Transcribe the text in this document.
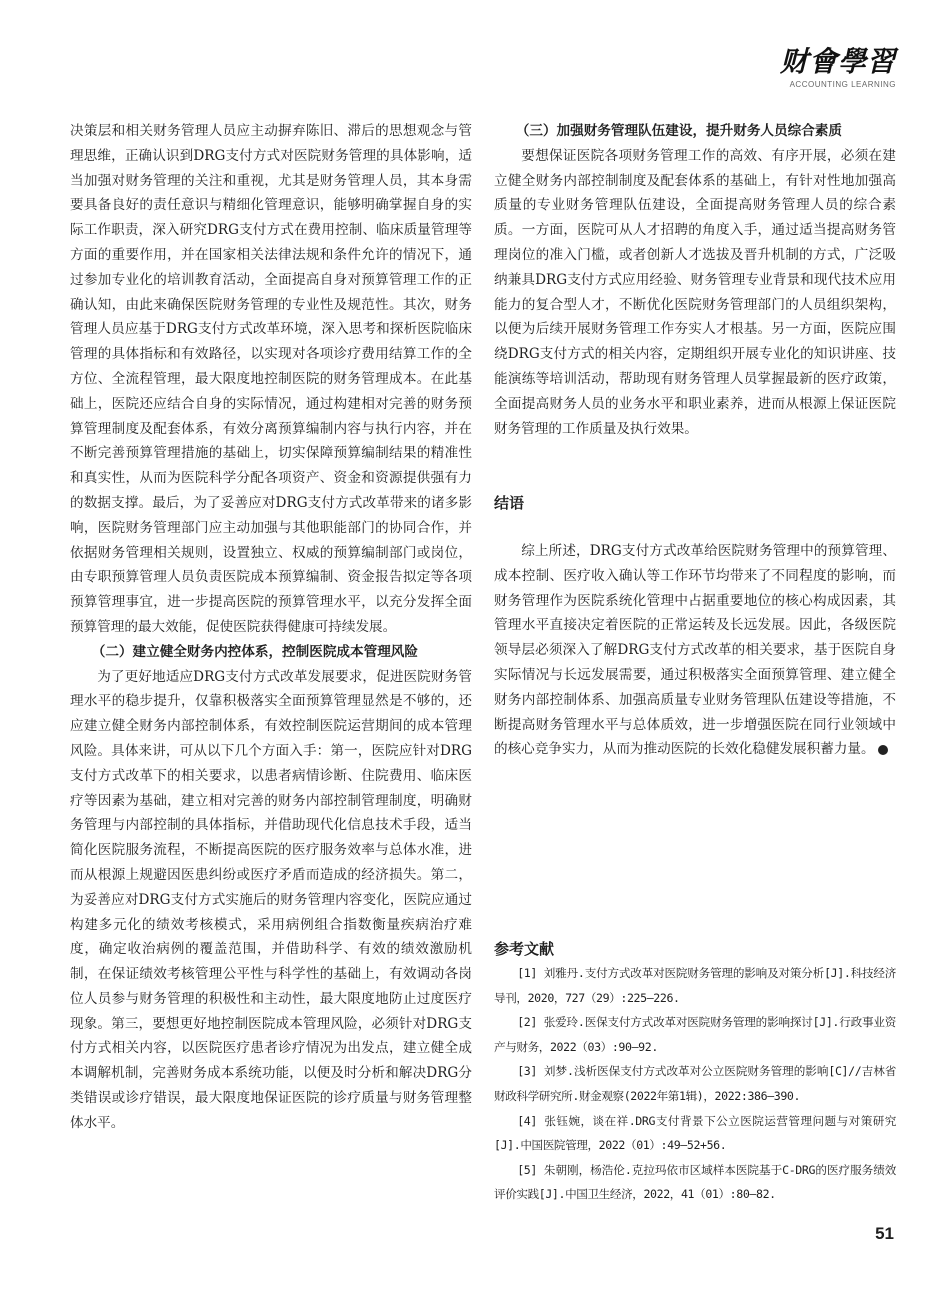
财會學習
ACCOUNTING LEARNING

决策层和相关财务管理人员应主动摒弃陈旧、滞后的思想观念与管理思维，正确认识到DRG支付方式对医院财务管理的具体影响，适当加强对财务管理的关注和重视，尤其是财务管理人员，其本身需要具备良好的责任意识与精细化管理意识，能够明确掌握自身的实际工作职责，深入研究DRG支付方式在费用控制、临床质量管理等方面的重要作用，并在国家相关法律法规和条件允许的情况下，通过参加专业化的培训教育活动，全面提高自身对预算管理工作的正确认知，由此来确保医院财务管理的专业性及规范性。其次，财务管理人员应基于DRG支付方式改革环境，深入思考和探析医院临床管理的具体指标和有效路径，以实现对各项诊疗费用结算工作的全方位、全流程管理，最大限度地控制医院的财务管理成本。在此基础上，医院还应结合自身的实际情况，通过构建相对完善的财务预算管理制度及配套体系，有效分离预算编制内容与执行内容，并在不断完善预算管理措施的基础上，切实保障预算编制结果的精准性和真实性，从而为医院科学分配各项资产、资金和资源提供强有力的数据支撑。最后，为了妥善应对DRG支付方式改革带来的诸多影响，医院财务管理部门应主动加强与其他职能部门的协同合作，并依据财务管理相关规则，设置独立、权威的预算编制部门或岗位，由专职预算管理人员负责医院成本预算编制、资金报告拟定等各项预算管理事宜，进一步提高医院的预算管理水平，以充分发挥全面预算管理的最大效能，促使医院获得健康可持续发展。

（二）建立健全财务内控体系，控制医院成本管理风险

为了更好地适应DRG支付方式改革发展要求，促进医院财务管理水平的稳步提升，仅靠积极落实全面预算管理显然是不够的，还应建立健全财务内部控制体系，有效控制医院运营期间的成本管理风险。具体来讲，可从以下几个方面入手：第一，医院应针对DRG支付方式改革下的相关要求，以患者病情诊断、住院费用、临床医疗等因素为基础，建立相对完善的财务内部控制管理制度，明确财务管理与内部控制的具体指标，并借助现代化信息技术手段，适当简化医院服务流程，不断提高医院的医疗服务效率与总体水准，进而从根源上规避因医患纠纷或医疗矛盾而造成的经济损失。第二，为妥善应对DRG支付方式实施后的财务管理内容变化，医院应通过构建多元化的绩效考核模式，采用病例组合指数衡量疾病治疗难度，确定收治病例的覆盖范围，并借助科学、有效的绩效激励机制，在保证绩效考核管理公平性与科学性的基础上，有效调动各岗位人员参与财务管理的积极性和主动性，最大限度地防止过度医疗现象。第三，要想更好地控制医院成本管理风险，必须针对DRG支付方式相关内容，以医院医疗患者诊疗情况为出发点，建立健全成本调解机制，完善财务成本系统功能，以便及时分析和解决DRG分类错误或诊疗错误，最大限度地保证医院的诊疗质量与财务管理整体水平。

（三）加强财务管理队伍建设，提升财务人员综合素质

要想保证医院各项财务管理工作的高效、有序开展，必须在建立健全财务内部控制制度及配套体系的基础上，有针对性地加强高质量的专业财务管理队伍建设，全面提高财务管理人员的综合素质。一方面，医院可从人才招聘的角度入手，通过适当提高财务管理岗位的准入门槛，或者创新人才选拔及晋升机制的方式，广泛吸纳兼具DRG支付方式应用经验、财务管理专业背景和现代技术应用能力的复合型人才，不断优化医院财务管理部门的人员组织架构，以便为后续开展财务管理工作夯实人才根基。另一方面，医院应围绕DRG支付方式的相关内容，定期组织开展专业化的知识讲座、技能演练等培训活动，帮助现有财务管理人员掌握最新的医疗政策，全面提高财务人员的业务水平和职业素养，进而从根源上保证医院财务管理的工作质量及执行效果。

结语

综上所述，DRG支付方式改革给医院财务管理中的预算管理、成本控制、医疗收入确认等工作环节均带来了不同程度的影响，而财务管理作为医院系统化管理中占据重要地位的核心构成因素，其管理水平直接决定着医院的正常运转及长远发展。因此，各级医院领导层必须深入了解DRG支付方式改革的相关要求，基于医院自身实际情况与长远发展需要，通过积极落实全面预算管理、建立健全财务内部控制体系、加强高质量专业财务管理队伍建设等措施，不断提高财务管理水平与总体质效，进一步增强医院在同行业领域中的核心竞争实力，从而为推动医院的长效化稳健发展积蓄力量。

参考文献

[1] 刘雅丹.支付方式改革对医院财务管理的影响及对策分析[J].科技经济导刊，2020，727（29）:225–226.

[2] 张爱玲.医保支付方式改革对医院财务管理的影响探讨[J].行政事业资产与财务，2022（03）:90–92.

[3] 刘梦.浅析医保支付方式改革对公立医院财务管理的影响[C]//吉林省财政科学研究所.财金观察(2022年第1辑)，2022:386–390.

[4] 张钰婉，谈在祥.DRG支付背景下公立医院运营管理问题与对策研究[J].中国医院管理，2022（01）:49–52+56.

[5] 朱朝刚，杨浩伦.克拉玛依市区域样本医院基于C-DRG的医疗服务绩效评价实践[J].中国卫生经济，2022，41（01）:80–82.

51
